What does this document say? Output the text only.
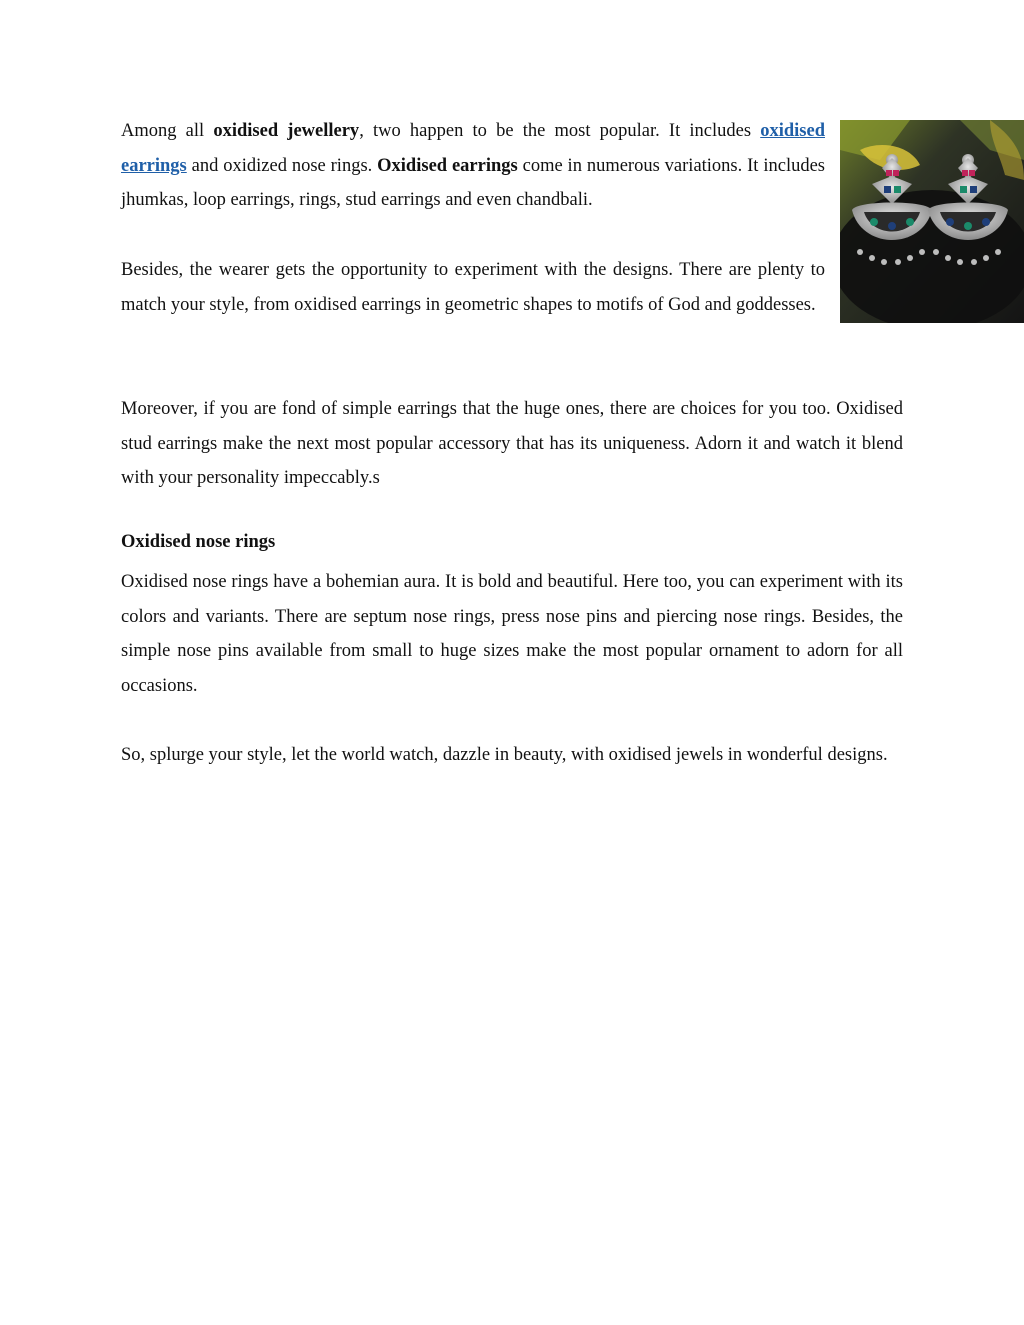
Among all oxidised jewellery, two happen to be the most popular. It includes oxidised earrings and oxidized nose rings. Oxidised earrings come in numerous variations. It includes jhumkas, loop earrings, rings, stud earrings and even chandbali.

Besides, the wearer gets the opportunity to experiment with the designs. There are plenty to match your style, from oxidised earrings in geometric shapes to motifs of God and goddesses.

Moreover, if you are fond of simple earrings that the huge ones, there are choices for you too. Oxidised stud earrings make the next most popular accessory that has its uniqueness. Adorn it and watch it blend with your personality impeccably.s

Oxidised nose rings

Oxidised nose rings have a bohemian aura. It is bold and beautiful. Here too, you can experiment with its colors and variants. There are septum nose rings, press nose pins and piercing nose rings. Besides, the simple nose pins available from small to huge sizes make the most popular ornament to adorn for all occasions.

So, splurge your style, let the world watch, dazzle in beauty, with oxidised jewels in wonderful designs.
